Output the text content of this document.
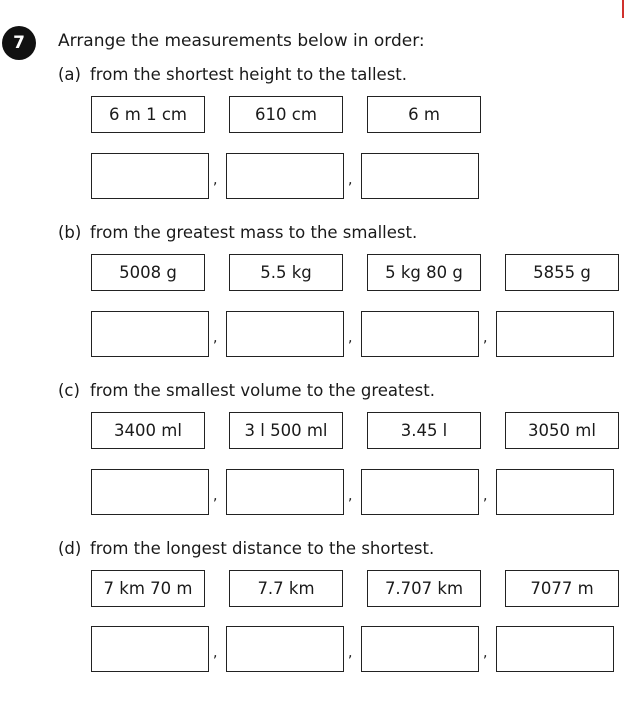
7	Arrange the measurements below in order:
(a) from the shortest height to the tallest.
6 m 1 cm	610 cm	6 m
,	,
(b) from the greatest mass to the smallest.
5008 g	5.5 kg	5 kg 80 g	5855 g
,	,	,
(c) from the smallest volume to the greatest.
3400 ml	3 l 500 ml	3.45 l	3050 ml
,	,	,
(d) from the longest distance to the shortest.
7 km 70 m	7.7 km	7.707 km	7077 m
,	,	,
